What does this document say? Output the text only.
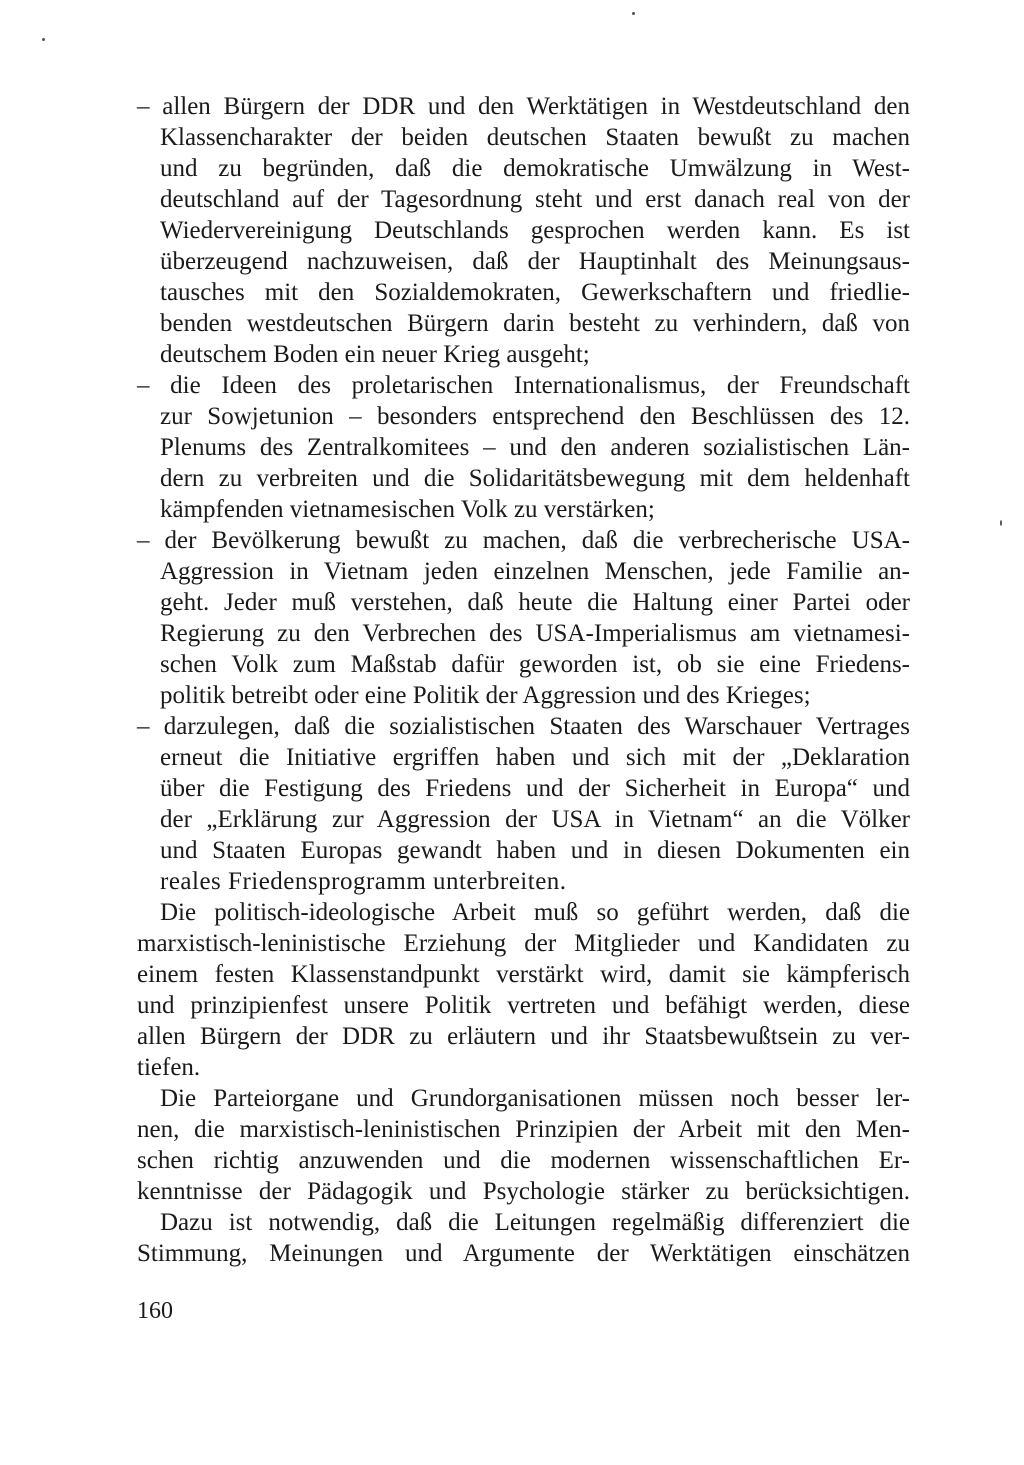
– allen Bürgern der DDR und den Werktätigen in Westdeutschland den
Klassencharakter der beiden deutschen Staaten bewußt zu machen
und zu begründen, daß die demokratische Umwälzung in West-
deutschland auf der Tagesordnung steht und erst danach real von der
Wiedervereinigung Deutschlands gesprochen werden kann. Es ist
überzeugend nachzuweisen, daß der Hauptinhalt des Meinungsaus-
tausches mit den Sozialdemokraten, Gewerkschaftern und friedlie-
benden westdeutschen Bürgern darin besteht zu verhindern, daß von
deutschem Boden ein neuer Krieg ausgeht;
– die Ideen des proletarischen Internationalismus, der Freundschaft
zur Sowjetunion – besonders entsprechend den Beschlüssen des 12.
Plenums des Zentralkomitees – und den anderen sozialistischen Län-
dern zu verbreiten und die Solidaritätsbewegung mit dem heldenhaft
kämpfenden vietnamesischen Volk zu verstärken;
– der Bevölkerung bewußt zu machen, daß die verbrecherische USA-
Aggression in Vietnam jeden einzelnen Menschen, jede Familie an-
geht. Jeder muß verstehen, daß heute die Haltung einer Partei oder
Regierung zu den Verbrechen des USA-Imperialismus am vietnamesi-
schen Volk zum Maßstab dafür geworden ist, ob sie eine Friedens-
politik betreibt oder eine Politik der Aggression und des Krieges;
– darzulegen, daß die sozialistischen Staaten des Warschauer Vertrages
erneut die Initiative ergriffen haben und sich mit der „Deklaration
über die Festigung des Friedens und der Sicherheit in Europa“ und
der „Erklärung zur Aggression der USA in Vietnam“ an die Völker
und Staaten Europas gewandt haben und in diesen Dokumenten ein
reales Friedensprogramm unterbreiten.
Die politisch-ideologische Arbeit muß so geführt werden, daß die
marxistisch-leninistische Erziehung der Mitglieder und Kandidaten zu
einem festen Klassenstandpunkt verstärkt wird, damit sie kämpferisch
und prinzipienfest unsere Politik vertreten und befähigt werden, diese
allen Bürgern der DDR zu erläutern und ihr Staatsbewußtsein zu ver-
tiefen.
Die Parteiorgane und Grundorganisationen müssen noch besser ler-
nen, die marxistisch-leninistischen Prinzipien der Arbeit mit den Men-
schen richtig anzuwenden und die modernen wissenschaftlichen Er-
kenntnisse der Pädagogik und Psychologie stärker zu berücksichtigen.
Dazu ist notwendig, daß die Leitungen regelmäßig differenziert die
Stimmung, Meinungen und Argumente der Werktätigen einschätzen
160
